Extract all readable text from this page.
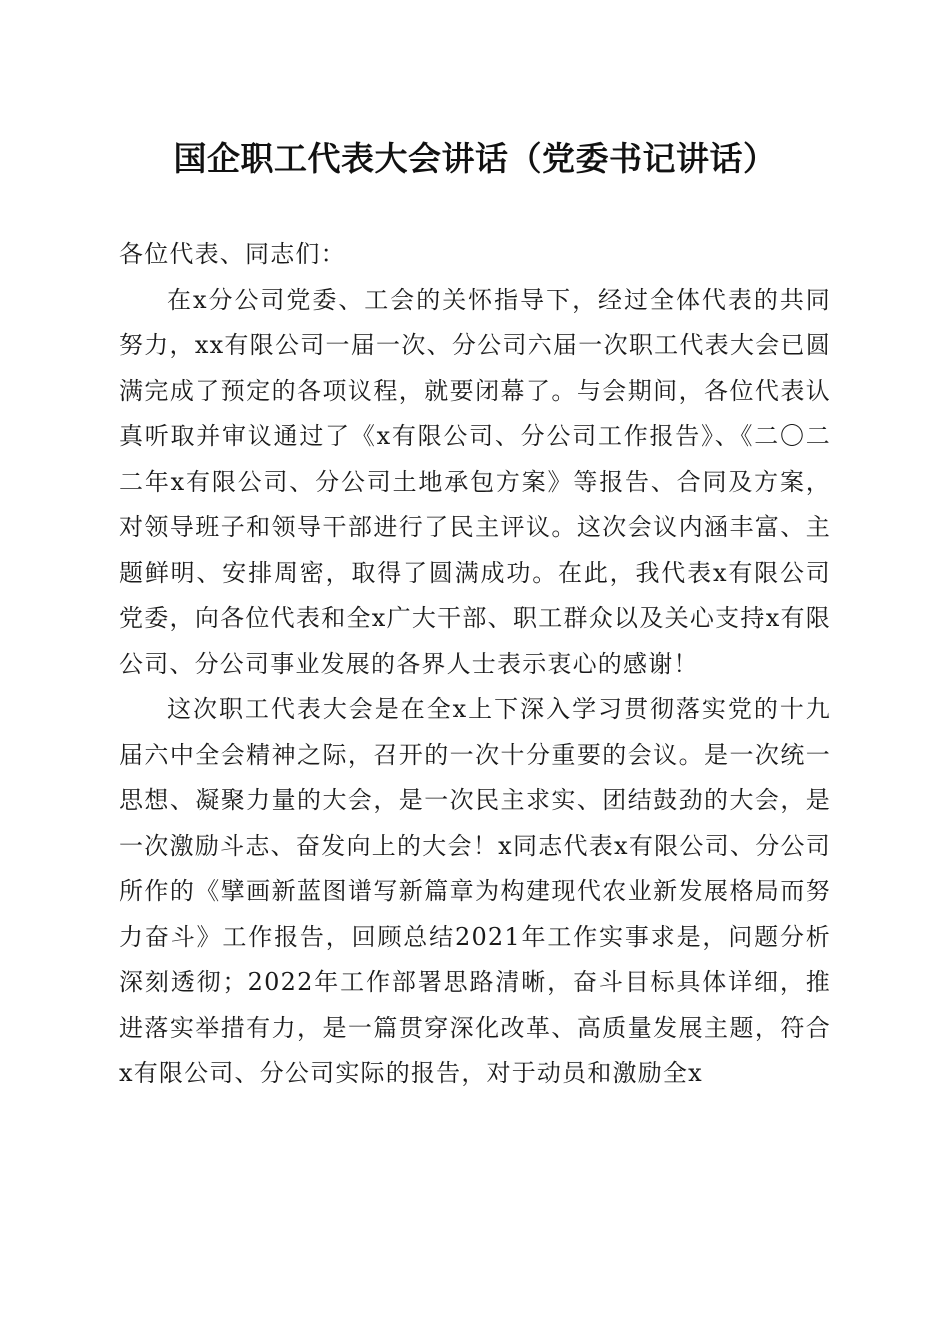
国企职工代表大会讲话（党委书记讲话）

各位代表、同志们：

在x分公司党委、工会的关怀指导下，经过全体代表的共同努力，xx有限公司一届一次、分公司六届一次职工代表大会已圆满完成了预定的各项议程，就要闭幕了。与会期间，各位代表认真听取并审议通过了《x有限公司、分公司工作报告》、《二〇二二年x有限公司、分公司土地承包方案》等报告、合同及方案，对领导班子和领导干部进行了民主评议。这次会议内涵丰富、主题鲜明、安排周密，取得了圆满成功。在此，我代表x有限公司党委，向各位代表和全x广大干部、职工群众以及关心支持x有限公司、分公司事业发展的各界人士表示衷心的感谢！

这次职工代表大会是在全x上下深入学习贯彻落实党的十九届六中全会精神之际，召开的一次十分重要的会议。是一次统一思想、凝聚力量的大会，是一次民主求实、团结鼓劲的大会，是一次激励斗志、奋发向上的大会！x同志代表x有限公司、分公司所作的《擘画新蓝图谱写新篇章为构建现代农业新发展格局而努力奋斗》工作报告，回顾总结2021年工作实事求是，问题分析深刻透彻；2022年工作部署思路清晰，奋斗目标具体详细，推进落实举措有力，是一篇贯穿深化改革、高质量发展主题，符合x有限公司、分公司实际的报告，对于动员和激励全x
